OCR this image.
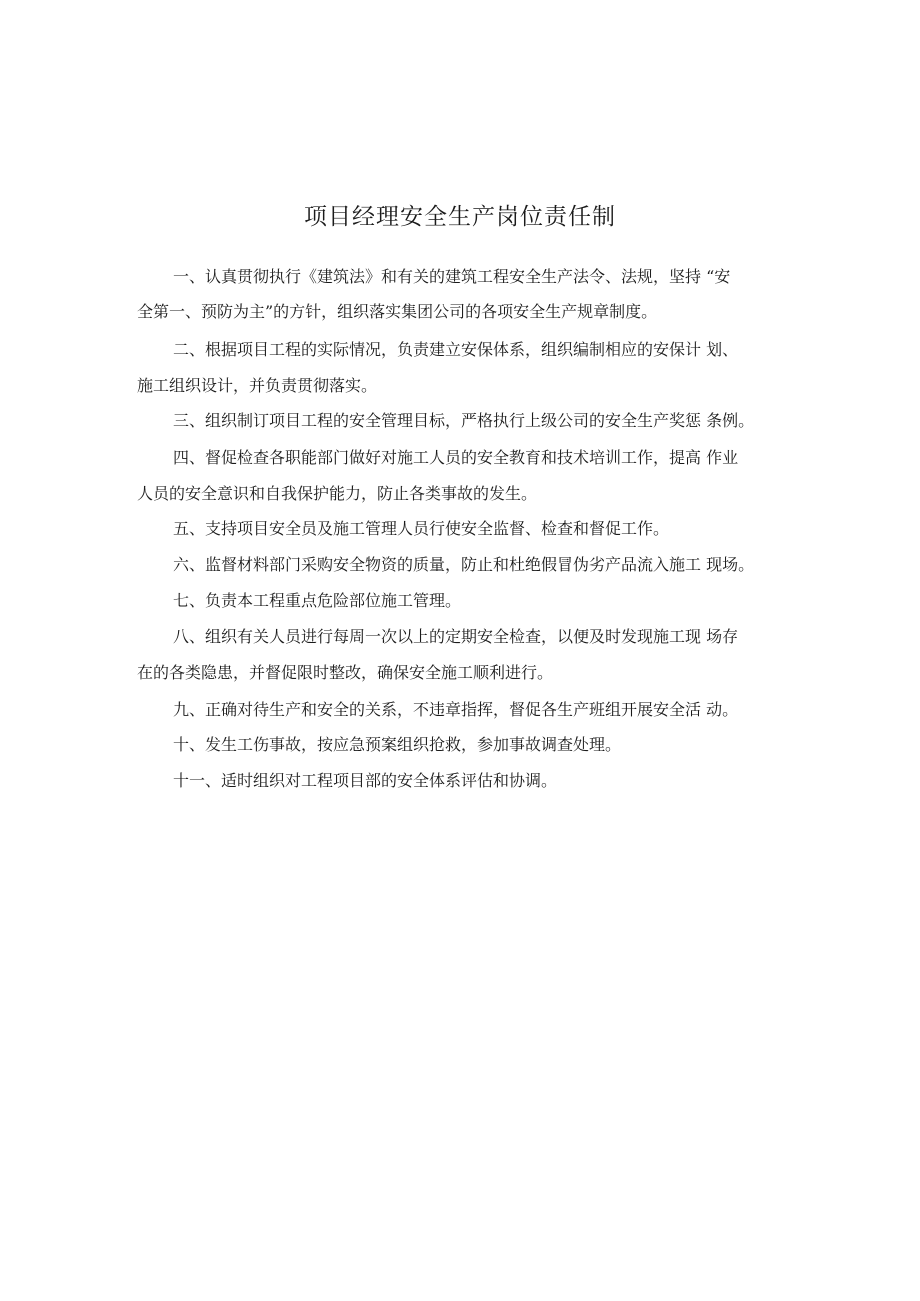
项目经理安全生产岗位责任制

一、认真贯彻执行《建筑法》和有关的建筑工程安全生产法令、法规，坚持 “安

全第一、预防为主”的方针，组织落实集团公司的各项安全生产规章制度。

二、根据项目工程的实际情况，负责建立安保体系，组织编制相应的安保计 划、

施工组织设计，并负责贯彻落实。

三、组织制订项目工程的安全管理目标，严格执行上级公司的安全生产奖惩 条例。

四、督促检查各职能部门做好对施工人员的安全教育和技术培训工作，提高 作业

人员的安全意识和自我保护能力，防止各类事故的发生。

五、支持项目安全员及施工管理人员行使安全监督、检查和督促工作。

六、监督材料部门采购安全物资的质量，防止和杜绝假冒伪劣产品流入施工 现场。

七、负责本工程重点危险部位施工管理。

八、组织有关人员进行每周一次以上的定期安全检查，以便及时发现施工现 场存

在的各类隐患，并督促限时整改，确保安全施工顺利进行。

九、正确对待生产和安全的关系，不违章指挥，督促各生产班组开展安全活 动。

十、发生工伤事故，按应急预案组织抢救，参加事故调查处理。

十一、适时组织对工程项目部的安全体系评估和协调。
